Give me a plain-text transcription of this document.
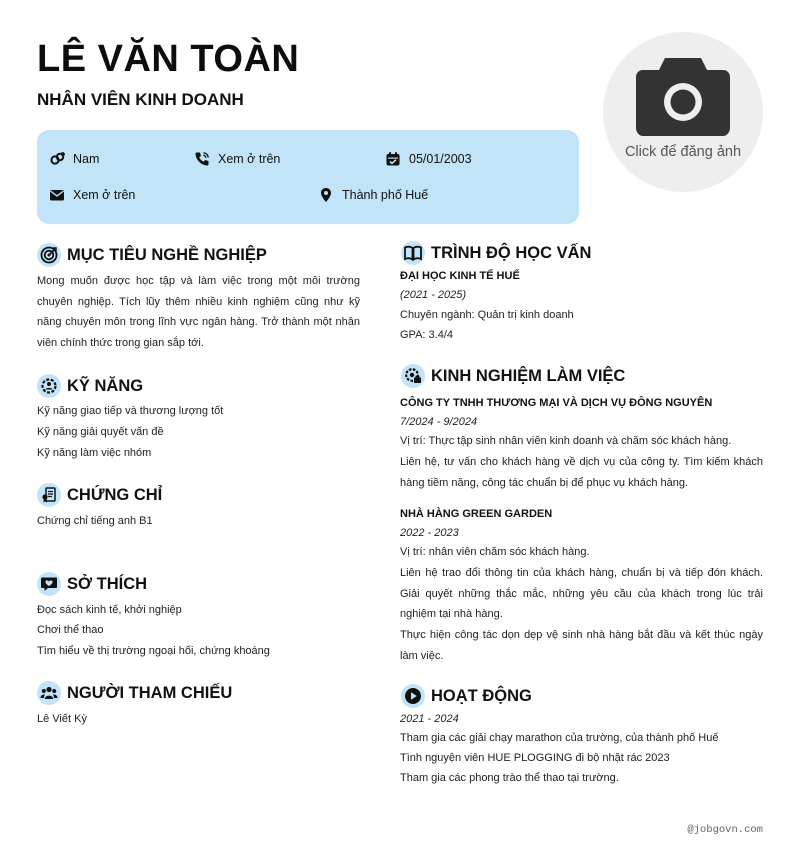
LÊ VĂN TOÀN
NHÂN VIÊN KINH DOANH
Nam	Xem ở trên	05/01/2003
Xem ở trên	Thành phố Huế
Click để đăng ảnh
MỤC TIÊU NGHỀ NGHIỆP
Mong muốn được học tập và làm việc trong một môi trường chuyên nghiệp. Tích lũy thêm nhiều kinh nghiệm cũng như kỹ năng chuyên môn trong lĩnh vực ngân hàng. Trở thành một nhân viên chính thức trong gian sắp tới.
KỸ NĂNG
Kỹ năng giao tiếp và thương lượng tốt
Kỹ năng giải quyết vấn đề
Kỹ năng làm việc nhóm
CHỨNG CHỈ
Chứng chỉ tiếng anh B1
SỞ THÍCH
Đọc sách kinh tế, khởi nghiệp
Chơi thể thao
Tìm hiểu về thị trường ngoại hối, chứng khoáng
NGƯỜI THAM CHIẾU
Lê Viết Kỳ
TRÌNH ĐỘ HỌC VẤN
ĐẠI HỌC KINH TẾ HUẾ
(2021 - 2025)
Chuyên ngành: Quản trị kinh doanh
GPA: 3.4/4
KINH NGHIỆM LÀM VIỆC
CÔNG TY TNHH THƯƠNG MẠI VÀ DỊCH VỤ ĐÔNG NGUYÊN
7/2024 - 9/2024
Vị trí: Thực tập sinh nhân viên kinh doanh và chăm sóc khách hàng.
Liên hệ, tư vấn cho khách hàng về dịch vụ của công ty. Tìm kiếm khách hàng tiềm năng, công tác chuẩn bị để phục vụ khách hàng.
NHÀ HÀNG GREEN GARDEN
2022 - 2023
Vị trí: nhân viên chăm sóc khách hàng.
Liên hệ trao đổi thông tin của khách hàng, chuẩn bị và tiếp đón khách. Giải quyết những thắc mắc, những yêu cầu của khách trong lúc trải nghiệm tại nhà hàng.
Thực hiện công tác dọn dẹp vệ sinh nhà hàng bắt đầu và kết thúc ngày làm việc.
HOẠT ĐỘNG
2021 - 2024
Tham gia các giải chạy marathon của trường, của thành phố Huế
Tình nguyện viên HUE PLOGGING đi bộ nhặt rác 2023
Tham gia các phong trào thể thao tại trường.
@jobgovn.com
